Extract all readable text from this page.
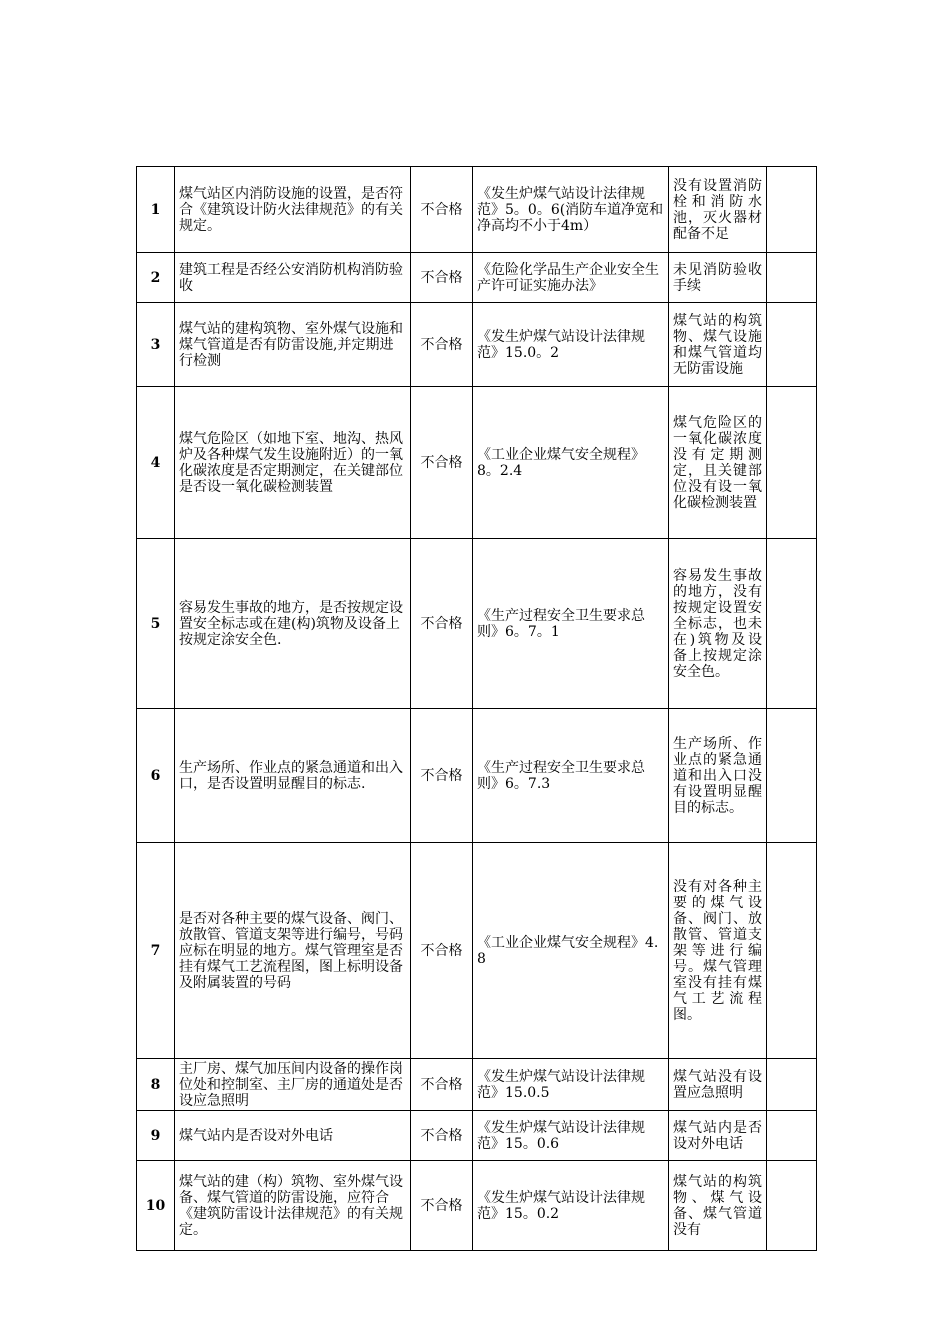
1	煤气站区内消防设施的设置，是否符合《建筑设计防火法律规范》的有关规定。	不合格	《发生炉煤气站设计法律规范》5。0。6(消防车道净宽和净高均不小于4m）	没有设置消防栓和消防水池，灭火器材配备不足	
2	建筑工程是否经公安消防机构消防验收	不合格	《危险化学品生产企业安全生产许可证实施办法》	未见消防验收手续	
3	煤气站的建构筑物、室外煤气设施和煤气管道是否有防雷设施,并定期进行检测	不合格	《发生炉煤气站设计法律规范》15.0。2	煤气站的构筑物、煤气设施和煤气管道均无防雷设施	
4	煤气危险区（如地下室、地沟、热风炉及各种煤气发生设施附近）的一氧化碳浓度是否定期测定，在关键部位是否设一氧化碳检测装置	不合格	《工业企业煤气安全规程》8。2.4	煤气危险区的一氧化碳浓度没有定期测定，且关键部位没有设一氧化碳检测装置	
5	容易发生事故的地方，是否按规定设置安全标志或在建(构)筑物及设备上按规定涂安全色.	不合格	《生产过程安全卫生要求总则》6。7。1	容易发生事故的地方，没有按规定设置安全标志，也未在)筑物及设备上按规定涂安全色。	
6	生产场所、作业点的紧急通道和出入口，是否设置明显醒目的标志.	不合格	《生产过程安全卫生要求总则》6。7.3	生产场所、作业点的紧急通道和出入口没有设置明显醒目的标志。	
7	是否对各种主要的煤气设备、阀门、放散管、管道支架等进行编号，号码应标在明显的地方。煤气管理室是否挂有煤气工艺流程图，图上标明设备及附属装置的号码	不合格	《工业企业煤气安全规程》4.8	没有对各种主要的煤气设备、阀门、放散管、管道支架等进行编号。煤气管理室没有挂有煤气工艺流程图。	
8	主厂房、煤气加压间内设备的操作岗位处和控制室、主厂房的通道处是否设应急照明	不合格	《发生炉煤气站设计法律规范》15.0.5	煤气站没有设置应急照明	
9	煤气站内是否设对外电话	不合格	《发生炉煤气站设计法律规范》15。0.6	煤气站内是否设对外电话	
10	煤气站的建（构）筑物、室外煤气设备、煤气管道的防雷设施，应符合《建筑防雷设计法律规范》的有关规定。	不合格	《发生炉煤气站设计法律规范》15。0.2	煤气站的构筑物、煤气设备、煤气管道没有	
